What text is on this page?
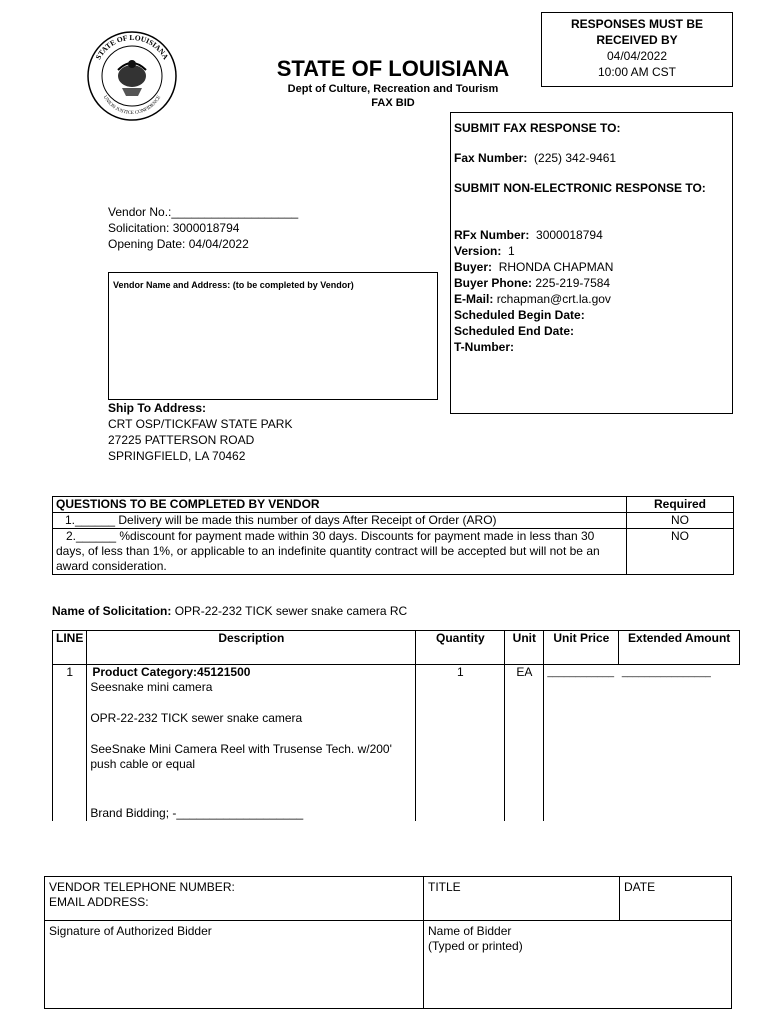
STATE OF LOUISIANA
UNION JUSTICE CONFIDENCE
STATE OF LOUISIANA
Dept of Culture, Recreation and Tourism
FAX BID
RESPONSES MUST BE
RECEIVED BY
04/04/2022
10:00 AM CST
SUBMIT FAX RESPONSE TO:
Fax Number: (225) 342-9461
SUBMIT NON-ELECTRONIC RESPONSE TO:
RFx Number: 3000018794
Version: 1
Buyer: RHONDA CHAPMAN
Buyer Phone: 225-219-7584
E-Mail: rchapman@crt.la.gov
Scheduled Begin Date:
Scheduled End Date:
T-Number:
Vendor No.:___________________
Solicitation: 3000018794
Opening Date: 04/04/2022
Vendor Name and Address: (to be completed by Vendor)
Ship To Address:
CRT OSP/TICKFAW STATE PARK
27225 PATTERSON ROAD
SPRINGFIELD, LA 70462
QUESTIONS TO BE COMPLETED BY VENDOR	Required
1.______ Delivery will be made this number of days After Receipt of Order (ARO)	NO
2.______ %discount for payment made within 30 days. Discounts for payment made in less than 30 days, of less than 1%, or applicable to an indefinite quantity contract will be accepted but will not be an award consideration.	NO
Name of Solicitation: OPR-22-232 TICK sewer snake camera RC
LINE	Description	Quantity	Unit	Unit Price	Extended Amount
1	Product Category:45121500
Seesnake mini camera
OPR-22-232 TICK sewer snake camera
SeeSnake Mini Camera Reel with Trusense Tech. w/200' push cable or equal
Brand Bidding; -___________________	1	EA	____________	________________
VENDOR TELEPHONE NUMBER:
EMAIL ADDRESS:	TITLE	DATE
Signature of Authorized Bidder	Name of Bidder
(Typed or printed)	
